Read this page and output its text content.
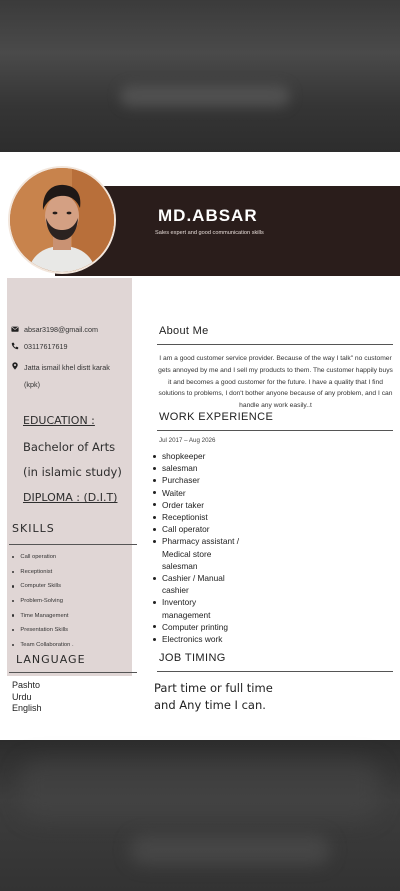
MD.ABSAR
Sales expert and good communication skills
absar3198@gmail.com
03117617619
Jatta ismail khel distt karak
(kpk)
EDUCATION :
Bachelor of Arts
(in islamic study)
DIPLOMA : (D.I.T)
SKILLS
Call operation
Receptionist
Computer Skills
Problem-Solving
Time Management
Presentation Skills
Team Collaboration .
LANGUAGE
Pashto
Urdu
English
About Me
I am a good customer service provider. Because of the way I talk" no customer gets annoyed by me and I sell my products to them. The customer happily buys it and becomes a good customer for the future. I have a quality that I find solutions to problems, I don't bother anyone because of any problem, and I can handle any work easily..t
WORK EXPERIENCE
Jul 2017 – Aug 2026
shopkeeper
salesman
Purchaser
Waiter
Order taker
Receptionist
Call operator
Pharmacy assistant /
Medical store
salesman
Cashier / Manual
cashier
Inventory
management
Computer printing
Electronics work
JOB TIMING
Part time or full time
and Any time I can.
